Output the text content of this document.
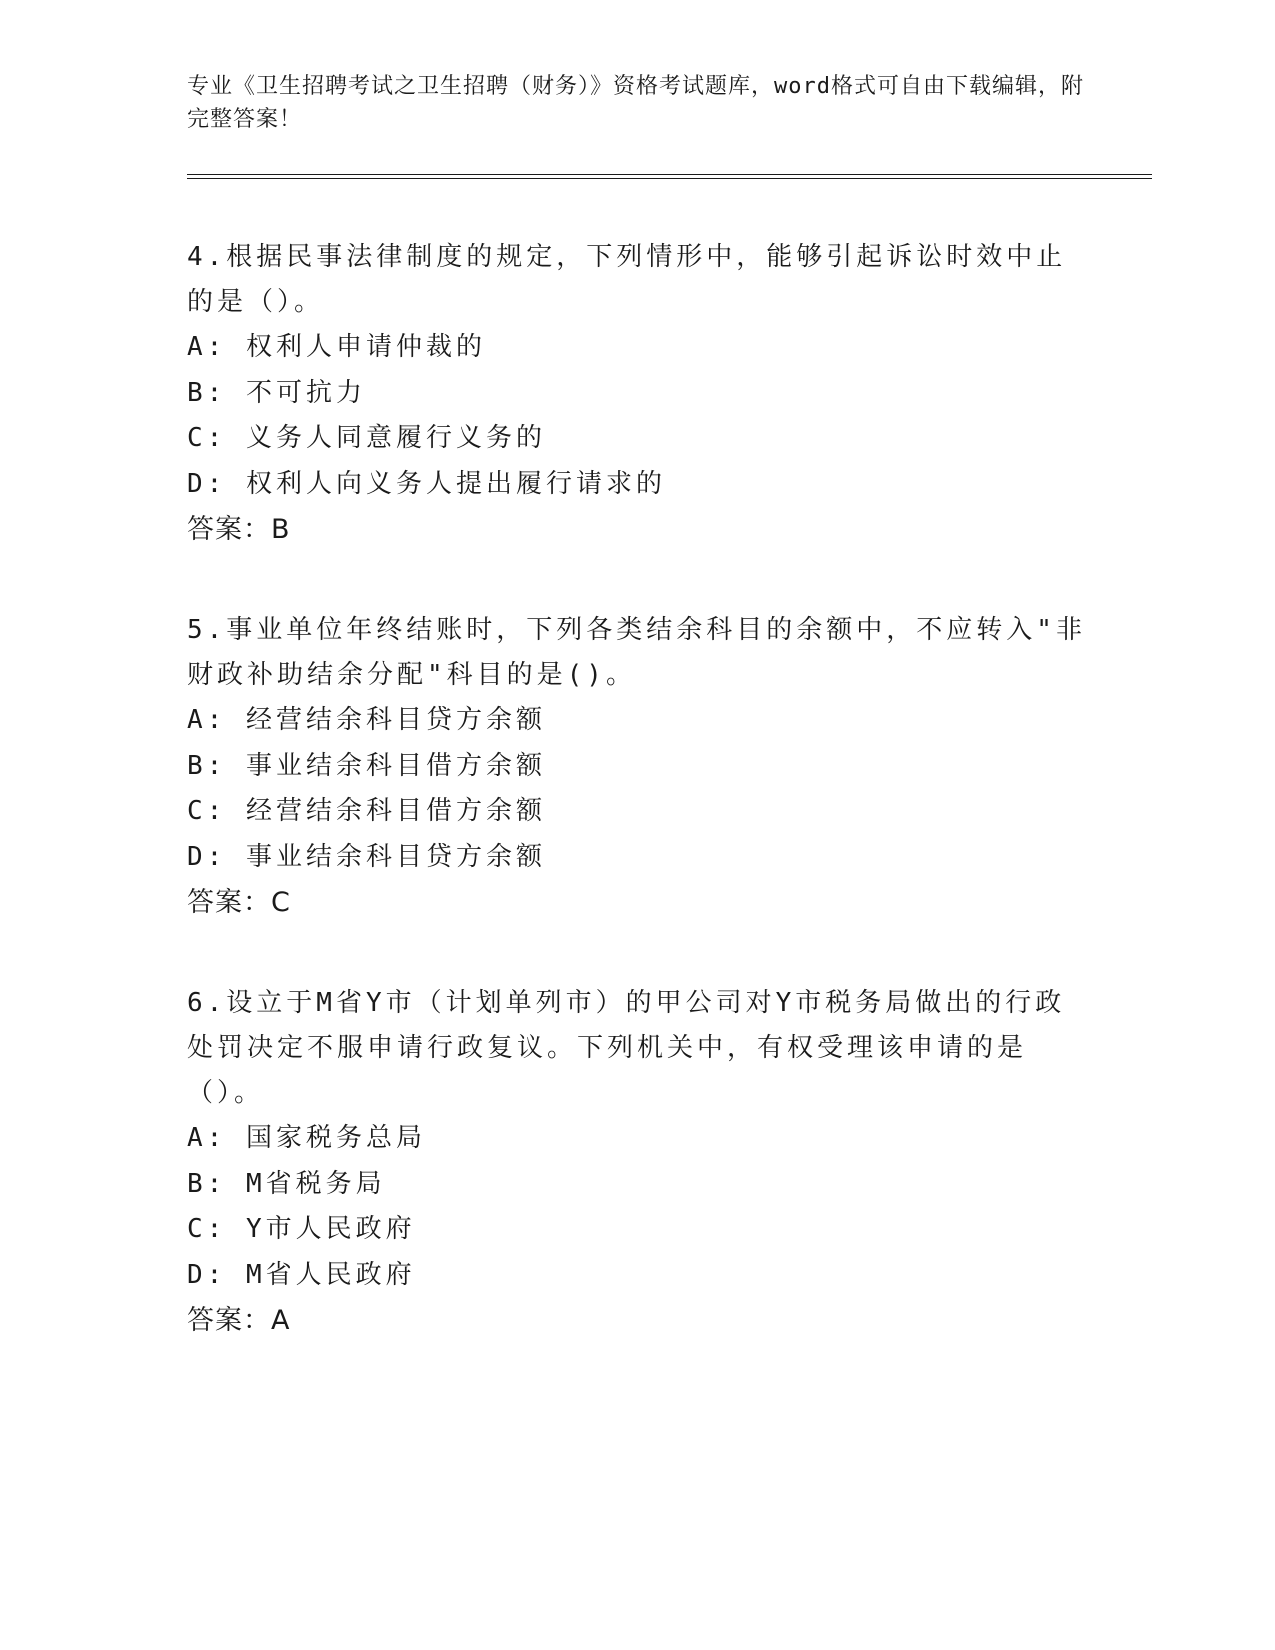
专业《卫生招聘考试之卫生招聘（财务）》资格考试题库，word格式可自由下载编辑，附完整答案！

4.根据民事法律制度的规定，下列情形中，能够引起诉讼时效中止的是（）。

A: 权利人申请仲裁的

B: 不可抗力

C: 义务人同意履行义务的

D: 权利人向义务人提出履行请求的

答案：B

5.事业单位年终结账时，下列各类结余科目的余额中，不应转入"非财政补助结余分配"科目的是()。

A: 经营结余科目贷方余额

B: 事业结余科目借方余额

C: 经营结余科目借方余额

D: 事业结余科目贷方余额

答案：C

6.设立于M省Y市（计划单列市）的甲公司对Y市税务局做出的行政处罚决定不服申请行政复议。下列机关中，有权受理该申请的是（）。

A: 国家税务总局

B: M省税务局

C: Y市人民政府

D: M省人民政府

答案：A
